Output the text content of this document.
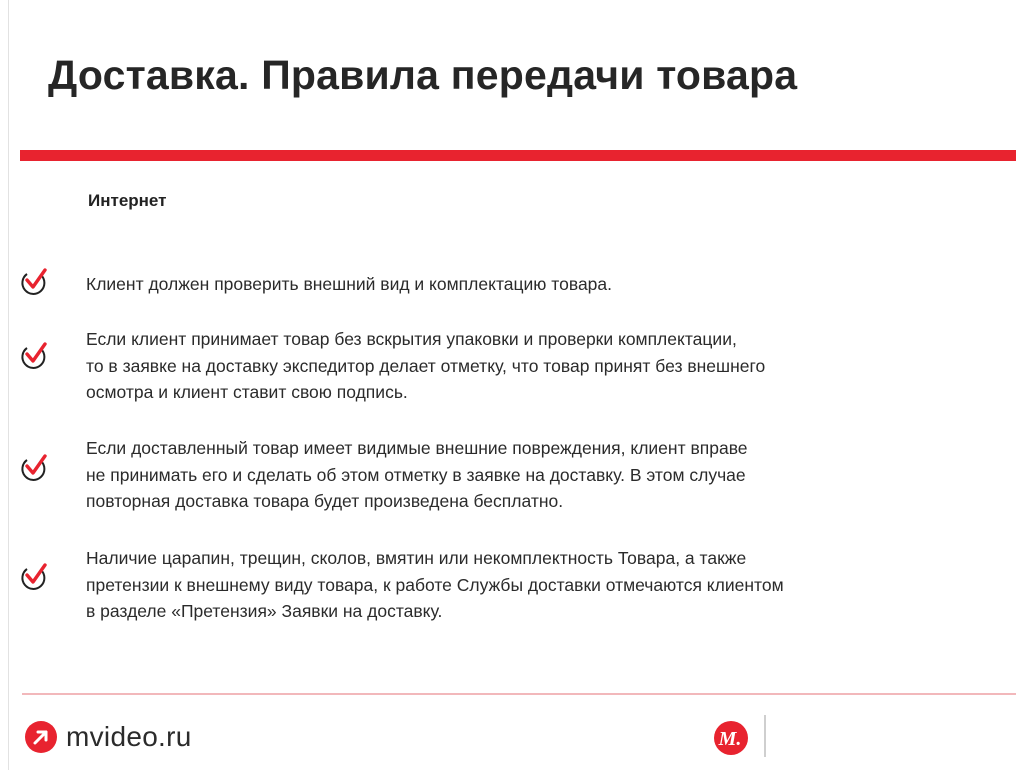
Доставка. Правила передачи товара
Интернет

Клиент должен проверить внешний вид и комплектацию товара.

Если клиент принимает товар без вскрытия упаковки и проверки комплектации,
то в заявке на доставку экспедитор делает отметку, что товар принят без внешнего
осмотра и клиент ставит свою подпись.

Если доставленный товар имеет видимые внешние повреждения, клиент вправе
не принимать его и сделать об этом отметку в заявке на доставку. В этом случае
повторная доставка товара будет произведена бесплатно.

Наличие царапин, трещин, сколов, вмятин или некомплектность Товара, а также
претензии к внешнему виду товара, к работе Службы доставки отмечаются клиентом
в разделе «Претензия» Заявки на доставку.

mvideo.ru	М.
